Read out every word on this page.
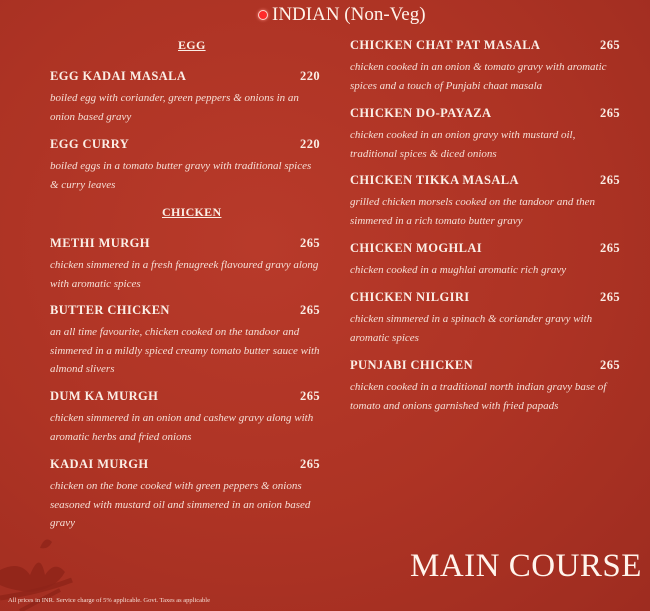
INDIAN (Non-Veg)
EGG
CHICKEN
EGG KADAI MASALA	220
boiled egg with coriander, green peppers & onions in an onion based gravy
EGG CURRY	220
boiled eggs in a tomato butter gravy with traditional spices & curry leaves
METHI MURGH	265
chicken simmered in a fresh fenugreek flavoured gravy along with aromatic spices
BUTTER CHICKEN	265
an all time favourite, chicken cooked on the tandoor and simmered in a mildly spiced creamy tomato butter sauce with almond slivers
DUM KA MURGH	265
chicken simmered in an onion and cashew gravy along with aromatic herbs and fried onions
KADAI MURGH	265
chicken on the bone cooked with green peppers & onions seasoned with mustard oil and simmered in an onion based gravy
CHICKEN CHAT PAT MASALA	265
chicken cooked in an onion & tomato gravy with aromatic spices and a touch of Punjabi chaat masala
CHICKEN DO-PAYAZA	265
chicken cooked in an onion gravy with mustard oil, traditional spices & diced onions
CHICKEN TIKKA MASALA	265
grilled chicken morsels cooked on the tandoor and then simmered in a rich tomato butter gravy
CHICKEN MOGHLAI	265
chicken cooked in a mughlai aromatic rich gravy
CHICKEN NILGIRI	265
chicken simmered in a spinach & coriander gravy with aromatic spices
PUNJABI CHICKEN	265
chicken cooked in a traditional north indian gravy base of tomato and onions garnished with fried papads
MAIN COURSE
All prices in INR. Service charge of 5% applicable. Govt. Taxes as applicable
